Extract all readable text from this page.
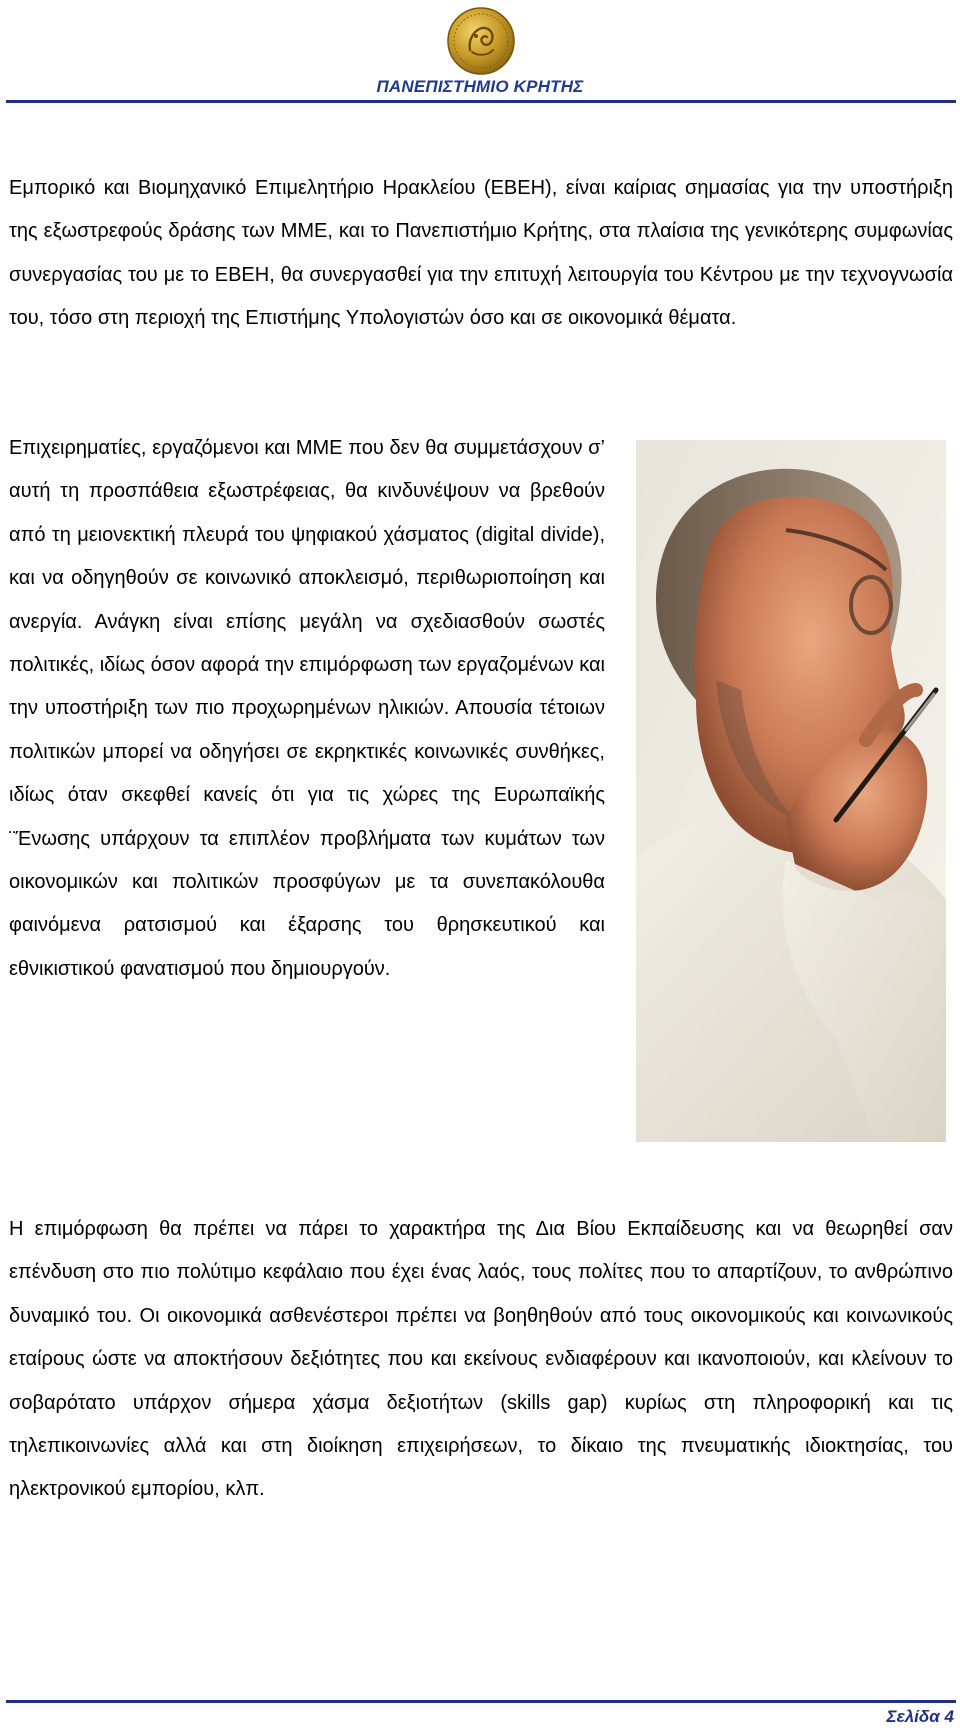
ΠΑΝΕΠΙΣΤΗΜΙΟ ΚΡΗΤΗΣ

Εμπορικό και Βιομηχανικό Επιμελητήριο Ηρακλείου (ΕΒΕΗ), είναι καίριας σημασίας για την υποστήριξη της εξωστρεφούς δράσης των ΜΜΕ, και το Πανεπιστήμιο Κρήτης, στα πλαίσια της γενικότερης συμφωνίας συνεργασίας του με το ΕΒΕΗ, θα συνεργασθεί για την επιτυχή λειτουργία του Κέντρου με την τεχνογνωσία του, τόσο στη περιοχή της Επιστήμης Υπολογιστών όσο και σε οικονομικά θέματα.

Επιχειρηματίες, εργαζόμενοι και ΜΜΕ που δεν θα συμμετάσχουν σ’ αυτή τη προσπάθεια εξωστρέφειας, θα κινδυνέψουν να βρεθούν από τη μειονεκτική πλευρά του ψηφιακού χάσματος (digital divide), και να οδηγηθούν σε κοινωνικό αποκλεισμό, περιθωριοποίηση και ανεργία. Ανάγκη είναι επίσης μεγάλη να σχεδιασθούν σωστές πολιτικές, ιδίως όσον αφορά την επιμόρφωση των εργαζομένων και την υποστήριξη των πιο προχωρημένων ηλικιών. Απουσία τέτοιων πολιτικών μπορεί να οδηγήσει σε εκρηκτικές κοινωνικές συνθήκες, ιδίως όταν σκεφθεί κανείς ότι για τις χώρες της Ευρωπαϊκής ¨Ένωσης υπάρχουν τα επιπλέον προβλήματα των κυμάτων των οικονομικών και πολιτικών προσφύγων με τα συνεπακόλουθα φαινόμενα ρατσισμού και έξαρσης του θρησκευτικού και εθνικιστικού φανατισμού που δημιουργούν.

Η επιμόρφωση θα πρέπει να πάρει το χαρακτήρα της Δια Βίου Εκπαίδευσης και να θεωρηθεί σαν επένδυση στο πιο πολύτιμο κεφάλαιο που έχει ένας λαός, τους πολίτες που το απαρτίζουν, το ανθρώπινο δυναμικό του. Οι οικονομικά ασθενέστεροι πρέπει να βοηθηθούν από τους οικονομικούς και κοινωνικούς εταίρους ώστε να αποκτήσουν δεξιότητες που και εκείνους ενδιαφέρουν και ικανοποιούν, και κλείνουν το σοβαρότατο υπάρχον σήμερα χάσμα δεξιοτήτων (skills gap) κυρίως στη πληροφορική και τις τηλεπικοινωνίες αλλά και στη διοίκηση επιχειρήσεων, το δίκαιο της πνευματικής ιδιοκτησίας, του ηλεκτρονικού εμπορίου, κλπ.

Σελίδα 4
